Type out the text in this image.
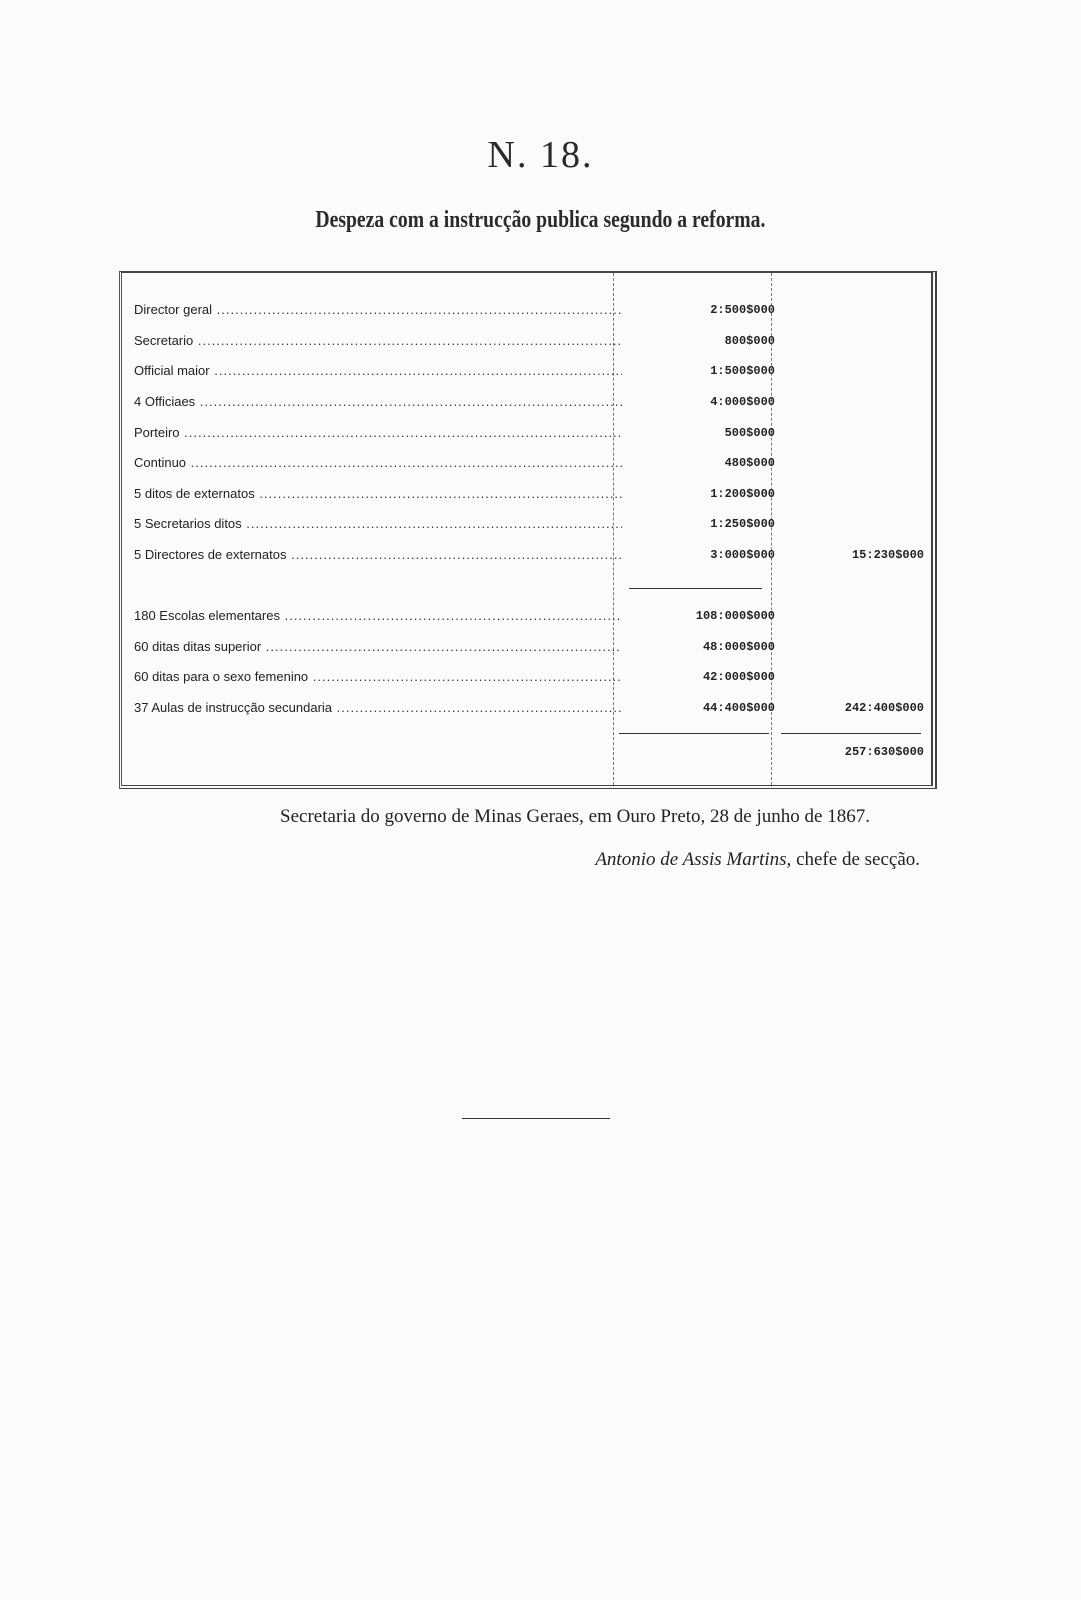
N. 18.
Despeza com a instrucção publica segundo a reforma.
Director geral .....	2:500$000
Secretario .....	800$000
Official maior .....	1:500$000
4 Officiaes .....	4:000$000
Porteiro .....	500$000
Continuo .....	480$000
5 ditos de externatos .....	1:200$000
5 Secretarios ditos .....	1:250$000
5 Directores de externatos .....	3:000$000	15:230$000
180 Escolas elementares .....	108:000$000
60 ditas ditas superior .....	48:000$000
60 ditas para o sexo femenino .....	42:000$000
37 Aulas de instrucção secundaria .....	44:400$000	242:400$000
257:630$000
Secretaria do governo de Minas Geraes, em Ouro Preto, 28 de junho de 1867.
Antonio de Assis Martins, chefe de secção.
